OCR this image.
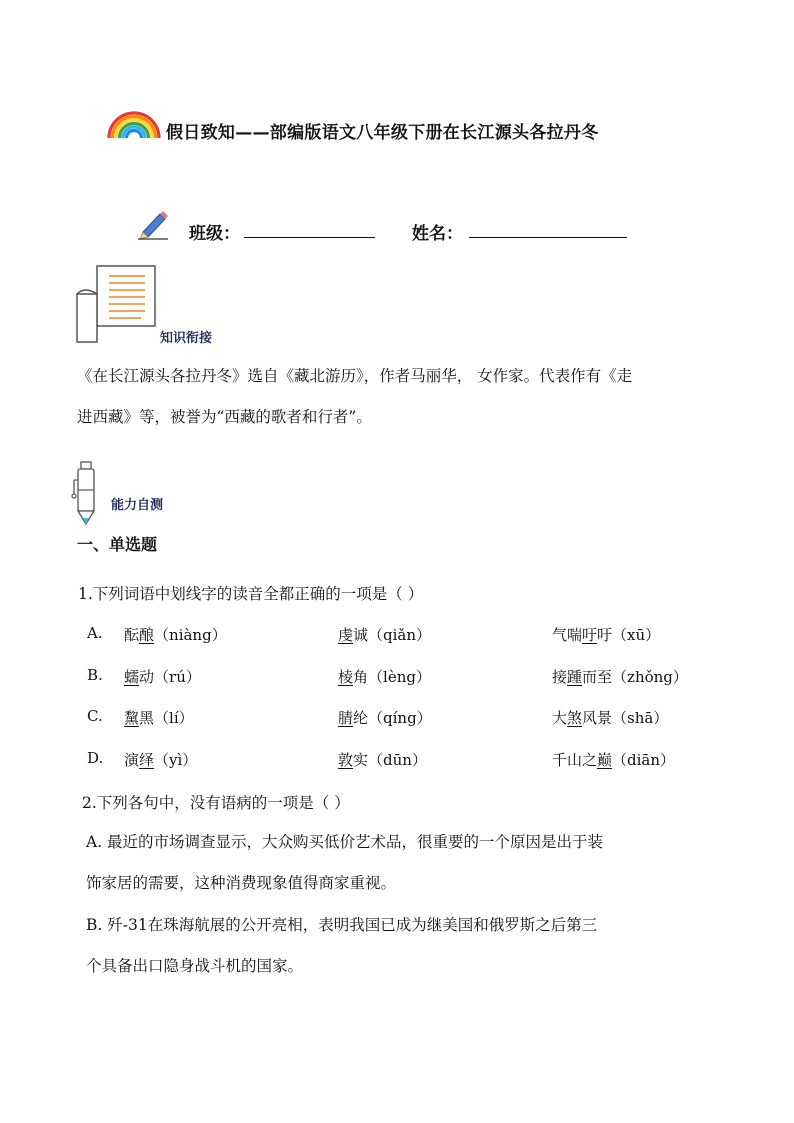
假日致知——部编版语文八年级下册在长江源头各拉丹冬
班级：	姓名：
知识衔接
《在长江源头各拉丹冬》选自《藏北游历》，作者马丽华， 女作家。代表作有《走
进西藏》等，被誉为“西藏的歌者和行者”。
能力自测
一、单选题
1.下列词语中划线字的读音全都正确的一项是（ ）
A. 酝酿（niàng）	虔诚（qiǎn）	气喘吁吁（xū）
B. 蠕动（rú）	棱角（lèng）	接踵而至（zhǒng）
C. 黧黑（lí）	腈纶（qíng）	大煞风景（shā）
D. 演绎（yì）	敦实（dūn）	千山之巅（diān）
2.下列各句中，没有语病的一项是（ ）
A. 最近的市场调查显示，大众购买低价艺术品，很重要的一个原因是出于装
饰家居的需要，这种消费现象值得商家重视。
B. 歼-31在珠海航展的公开亮相，表明我国已成为继美国和俄罗斯之后第三
个具备出口隐身战斗机的国家。
